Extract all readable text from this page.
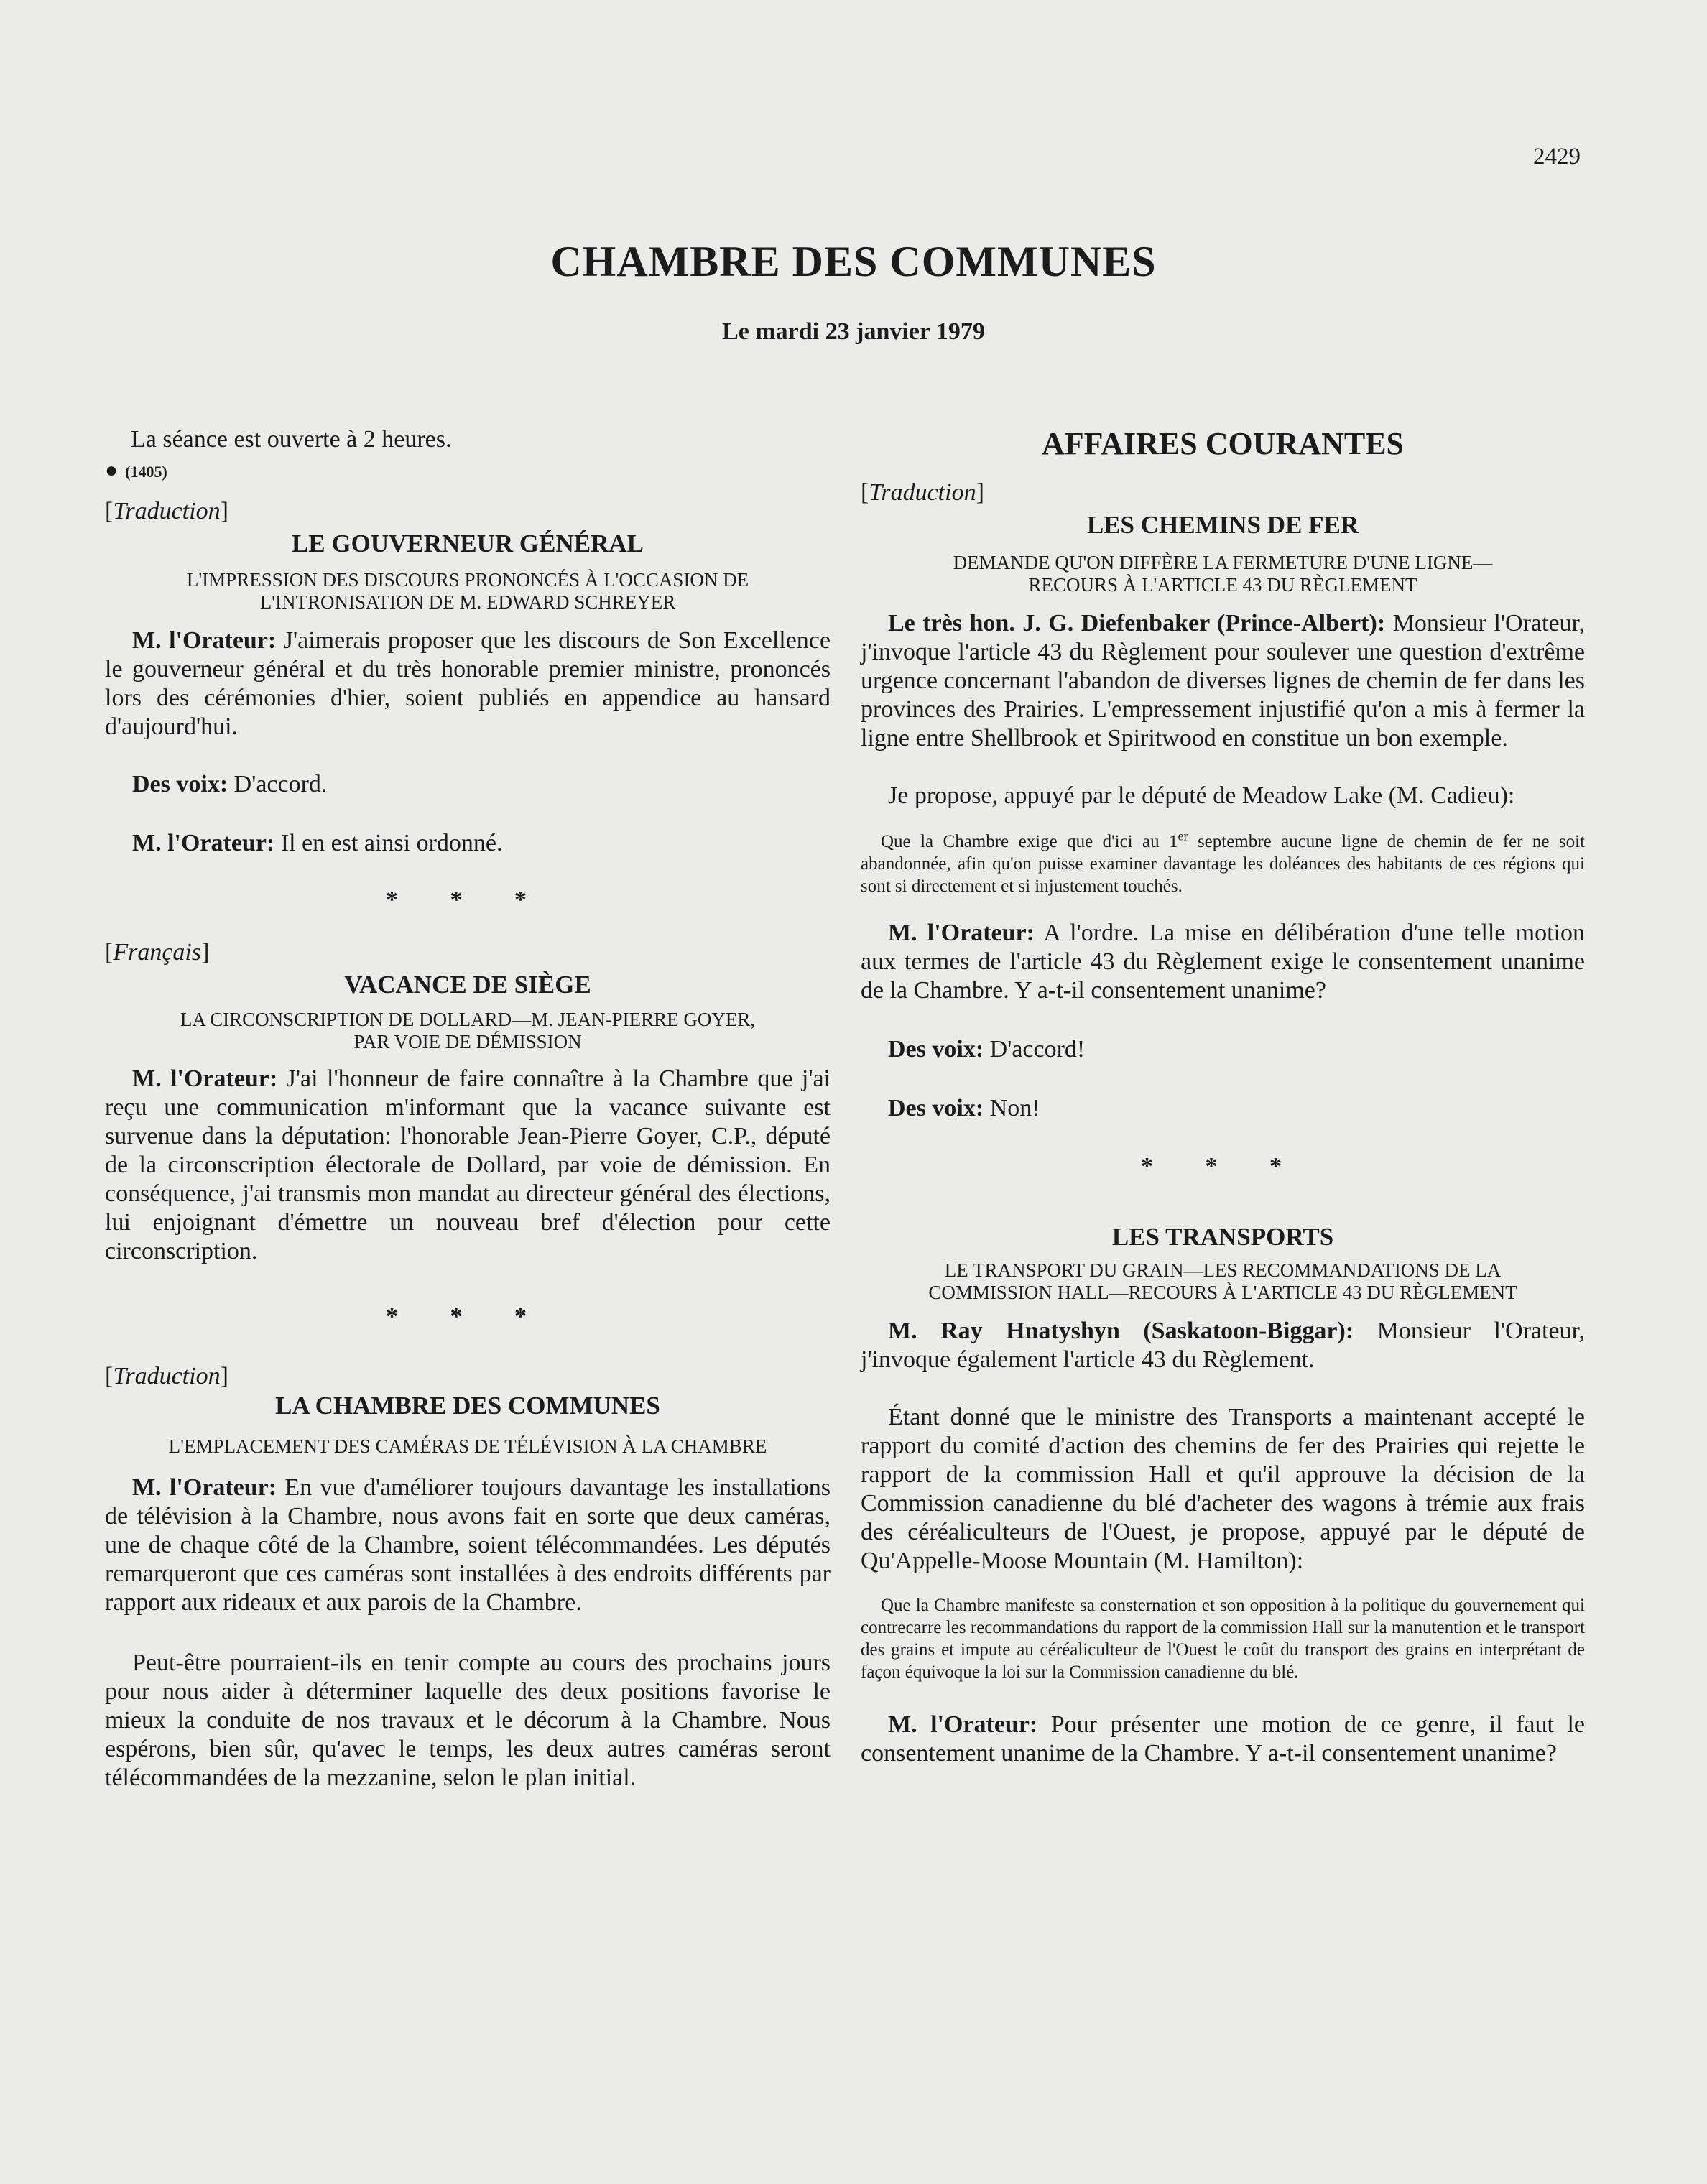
2429
CHAMBRE DES COMMUNES
Le mardi 23 janvier 1979

La séance est ouverte à 2 heures.

● (1405)
[Traduction]
LE GOUVERNEUR GÉNÉRAL
L'IMPRESSION DES DISCOURS PRONONCÉS À L'OCCASION DE
L'INTRONISATION DE M. EDWARD SCHREYER

M. l'Orateur: J'aimerais proposer que les discours de Son Excellence le gouverneur général et du très honorable premier ministre, prononcés lors des cérémonies d'hier, soient publiés en appendice au hansard d'aujourd'hui.

Des voix: D'accord.

M. l'Orateur: Il en est ainsi ordonné.

* * *
[Français]
VACANCE DE SIÈGE
LA CIRCONSCRIPTION DE DOLLARD—M. JEAN-PIERRE GOYER,
PAR VOIE DE DÉMISSION

M. l'Orateur: J'ai l'honneur de faire connaître à la Chambre que j'ai reçu une communication m'informant que la vacance suivante est survenue dans la députation: l'honorable Jean-Pierre Goyer, C.P., député de la circonscription électorale de Dollard, par voie de démission. En conséquence, j'ai transmis mon mandat au directeur général des élections, lui enjoignant d'émettre un nouveau bref d'élection pour cette circonscription.

* * *
[Traduction]
LA CHAMBRE DES COMMUNES
L'EMPLACEMENT DES CAMÉRAS DE TÉLÉVISION À LA CHAMBRE

M. l'Orateur: En vue d'améliorer toujours davantage les installations de télévision à la Chambre, nous avons fait en sorte que deux caméras, une de chaque côté de la Chambre, soient télécommandées. Les députés remarqueront que ces caméras sont installées à des endroits différents par rapport aux rideaux et aux parois de la Chambre.

Peut-être pourraient-ils en tenir compte au cours des prochains jours pour nous aider à déterminer laquelle des deux positions favorise le mieux la conduite de nos travaux et le décorum à la Chambre. Nous espérons, bien sûr, qu'avec le temps, les deux autres caméras seront télécommandées de la mezzanine, selon le plan initial.

AFFAIRES COURANTES
[Traduction]
LES CHEMINS DE FER
DEMANDE QU'ON DIFFÈRE LA FERMETURE D'UNE LIGNE—
RECOURS À L'ARTICLE 43 DU RÈGLEMENT

Le très hon. J. G. Diefenbaker (Prince-Albert): Monsieur l'Orateur, j'invoque l'article 43 du Règlement pour soulever une question d'extrême urgence concernant l'abandon de diverses lignes de chemin de fer dans les provinces des Prairies. L'empressement injustifié qu'on a mis à fermer la ligne entre Shellbrook et Spiritwood en constitue un bon exemple.

Je propose, appuyé par le député de Meadow Lake (M. Cadieu):

Que la Chambre exige que d'ici au 1er septembre aucune ligne de chemin de fer ne soit abandonnée, afin qu'on puisse examiner davantage les doléances des habitants de ces régions qui sont si directement et si injustement touchés.

M. l'Orateur: A l'ordre. La mise en délibération d'une telle motion aux termes de l'article 43 du Règlement exige le consentement unanime de la Chambre. Y a-t-il consentement unanime?

Des voix: D'accord!

Des voix: Non!

* * *
LES TRANSPORTS
LE TRANSPORT DU GRAIN—LES RECOMMANDATIONS DE LA
COMMISSION HALL—RECOURS À L'ARTICLE 43 DU RÈGLEMENT

M. Ray Hnatyshyn (Saskatoon-Biggar): Monsieur l'Orateur, j'invoque également l'article 43 du Règlement.

Étant donné que le ministre des Transports a maintenant accepté le rapport du comité d'action des chemins de fer des Prairies qui rejette le rapport de la commission Hall et qu'il approuve la décision de la Commission canadienne du blé d'acheter des wagons à trémie aux frais des céréaliculteurs de l'Ouest, je propose, appuyé par le député de Qu'Appelle-Moose Mountain (M. Hamilton):

Que la Chambre manifeste sa consternation et son opposition à la politique du gouvernement qui contrecarre les recommandations du rapport de la commission Hall sur la manutention et le transport des grains et impute au céréaliculteur de l'Ouest le coût du transport des grains en interprétant de façon équivoque la loi sur la Commission canadienne du blé.

M. l'Orateur: Pour présenter une motion de ce genre, il faut le consentement unanime de la Chambre. Y a-t-il consentement unanime?
